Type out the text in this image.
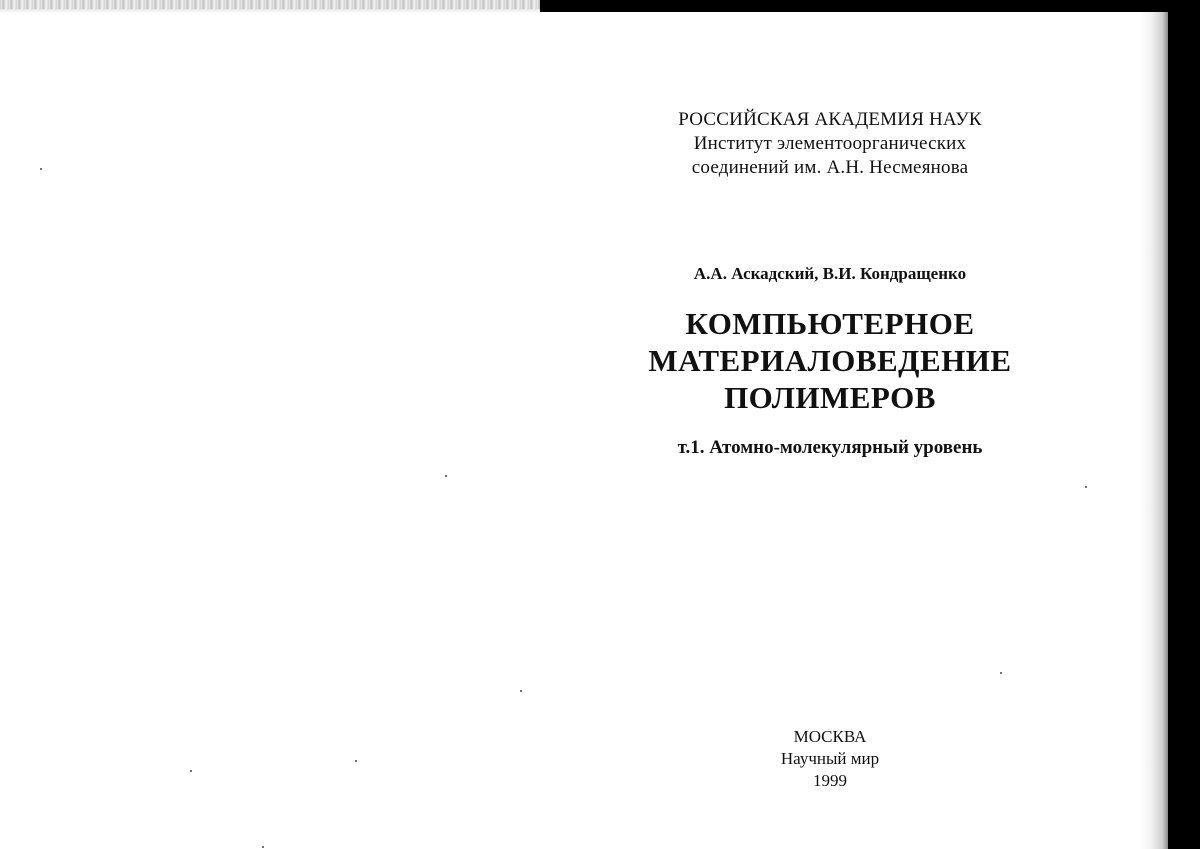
РОССИЙСКАЯ АКАДЕМИЯ НАУК
Институт элементоорганических
соединений им. А.Н. Несмеянова
А.А. Аскадский, В.И. Кондращенко
КОМПЬЮТЕРНОЕ
МАТЕРИАЛОВЕДЕНИЕ
ПОЛИМЕРОВ
т.1. Атомно-молекулярный уровень
МОСКВА
Научный мир
1999
